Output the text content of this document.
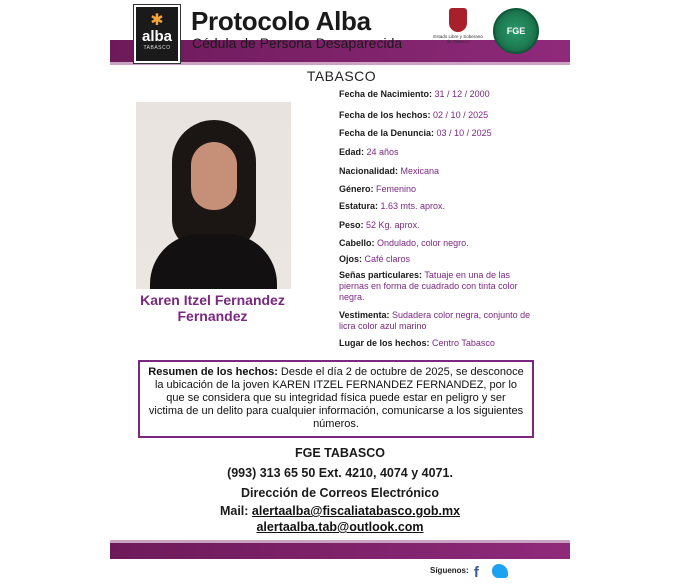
✱
alba
TABASCO
Protocolo Alba
Cédula de Persona Desaparecida	Estado Libre y Soberano de Tabasco
FGE
TABASCO
Karen Itzel Fernandez Fernandez
Fecha de Nacimiento: 31 / 12 / 2000
Fecha de los hechos: 02 / 10 / 2025
Fecha de la Denuncia: 03 / 10 / 2025
Edad: 24 años
Nacionalidad: Mexicana
Género: Femenino
Estatura: 1.63 mts. aprox.
Peso: 52 Kg. aprox.
Cabello: Ondulado, color negro.
Ojos: Café claros
Señas particulares: Tatuaje en una de las piernas en forma de cuadrado con tinta color negra.
Vestimenta: Sudadera color negra, conjunto de licra color azul marino
Lugar de los hechos: Centro Tabasco
Resumen de los hechos: Desde el día 2 de octubre de 2025, se desconoce la ubicación de la joven KAREN ITZEL FERNANDEZ FERNANDEZ, por lo que se considera que su integridad física puede estar en peligro y ser victima de un delito para cualquier información, comunicarse a los siguientes números.
FGE TABASCO
(993) 313 65 50 Ext. 4210, 4074 y 4071.
Dirección de Correos Electrónico
Mail: alertaalba@fiscaliatabasco.gob.mx
alertaalba.tab@outlook.com
Síguenos: f
